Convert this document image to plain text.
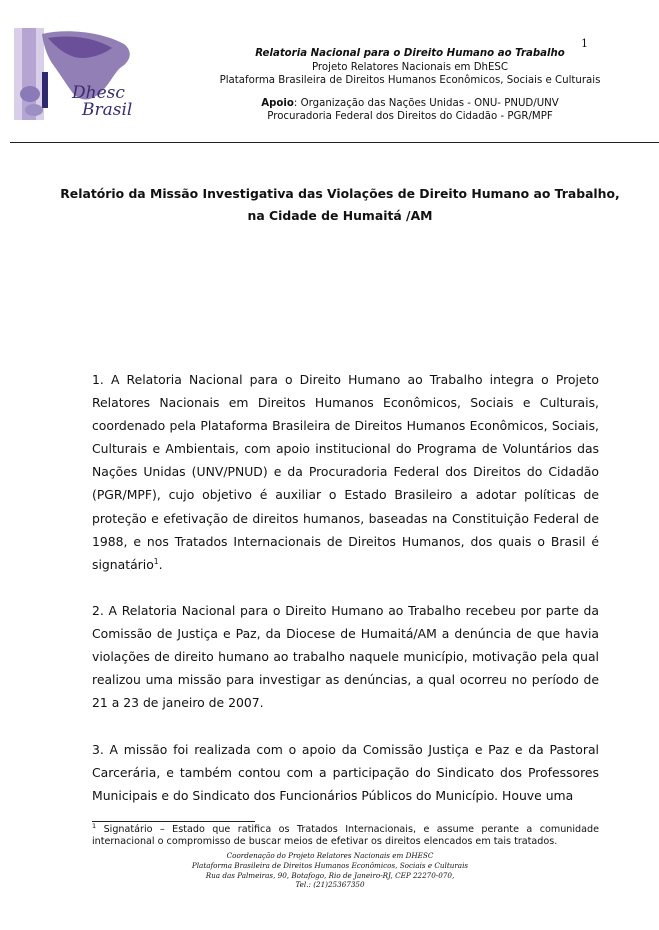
Dhesc
Brasil
1
Relatoria Nacional para o Direito Humano ao Trabalho
Projeto Relatores Nacionais em DhESC
Plataforma Brasileira de Direitos Humanos Econômicos, Sociais e Culturais
Apoio: Organização das Nações Unidas - ONU- PNUD/UNV
Procuradoria Federal dos Direitos do Cidadão - PGR/MPF
Relatório da Missão Investigativa das Violações de Direito Humano ao Trabalho,
na Cidade de Humaitá /AM
1. A Relatoria Nacional para o Direito Humano ao Trabalho integra o Projeto Relatores Nacionais em Direitos Humanos Econômicos, Sociais e Culturais, coordenado pela Plataforma Brasileira de Direitos Humanos Econômicos, Sociais, Culturais e Ambientais, com apoio institucional do Programa de Voluntários das Nações Unidas (UNV/PNUD) e da Procuradoria Federal dos Direitos do Cidadão (PGR/MPF), cujo objetivo é auxiliar o Estado Brasileiro a adotar políticas de proteção e efetivação de direitos humanos, baseadas na Constituição Federal de 1988, e nos Tratados Internacionais de Direitos Humanos, dos quais o Brasil é signatário$^1$.
2. A Relatoria Nacional para o Direito Humano ao Trabalho recebeu por parte da Comissão de Justiça e Paz, da Diocese de Humaitá/AM a denúncia de que havia violações de direito humano ao trabalho naquele município, motivação pela qual realizou uma missão para investigar as denúncias, a qual ocorreu no período de 21 a 23 de janeiro de 2007.
3. A missão foi realizada com o apoio da Comissão Justiça e Paz e da Pastoral Carcerária, e também contou com a participação do Sindicato dos Professores Municipais e do Sindicato dos Funcionários Públicos do Município. Houve uma
$^1$ Signatário – Estado que ratifica os Tratados Internacionais, e assume perante a comunidade internacional o compromisso de buscar meios de efetivar os direitos elencados em tais tratados.
Coordenação do Projeto Relatores Nacionais em DHESC
Plataforma Brasileira de Direitos Humanos Econômicos, Sociais e Culturais
Rua das Palmeiras, 90, Botafogo, Rio de Janeiro-RJ, CEP 22270-070,
Tel.: (21)25367350
